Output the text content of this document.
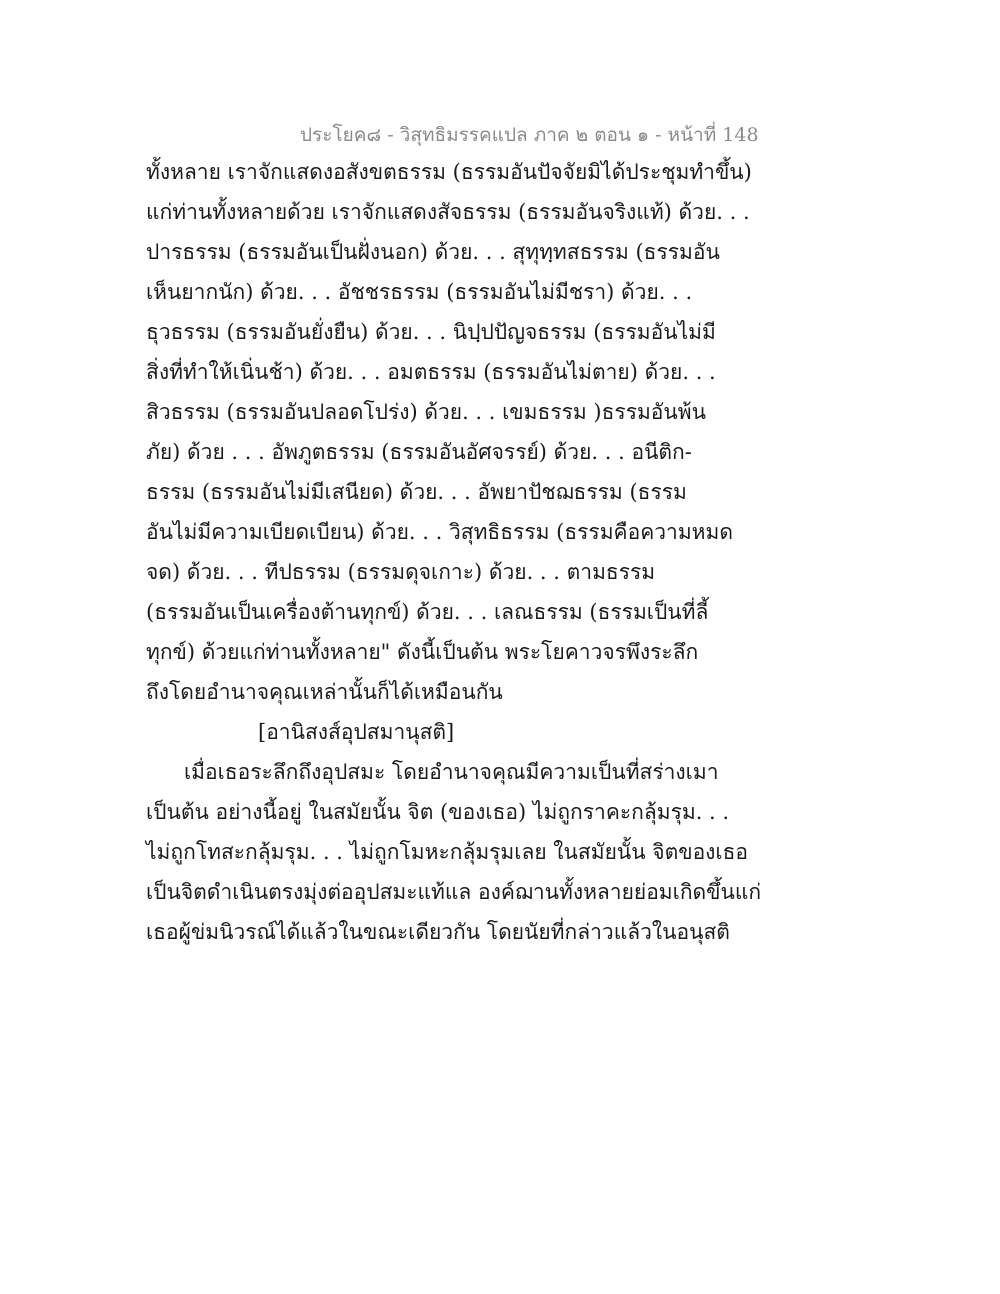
ประโยค๘ - วิสุทธิมรรคแปล ภาค ๒ ตอน ๑ - หน้าที่ 148
ทั้งหลาย เราจักแสดงอสังขตธรรม (ธรรมอันปัจจัยมิได้ประชุมทำขึ้น)
แก่ท่านทั้งหลายด้วย เราจักแสดงสัจธรรม (ธรรมอันจริงแท้) ด้วย. . .
ปารธรรม (ธรรมอันเป็นฝั่งนอก) ด้วย. . . สุทุทฺทสธรรม (ธรรมอัน
เห็นยากนัก) ด้วย. . . อัชชรธรรม (ธรรมอันไม่มีชรา) ด้วย. . .
ธุวธรรม (ธรรมอันยั่งยืน) ด้วย. . . นิปฺปปัญจธรรม (ธรรมอันไม่มี
สิ่งที่ทำให้เนิ่นช้า) ด้วย. . . อมตธรรม (ธรรมอันไม่ตาย) ด้วย. . .
สิวธรรม (ธรรมอันปลอดโปร่ง) ด้วย. . . เขมธรรม )ธรรมอันพ้น
ภัย) ด้วย . . . อัพภูตธรรม (ธรรมอันอัศจรรย์) ด้วย. . . อนีติก-
ธรรม (ธรรมอันไม่มีเสนียด) ด้วย. . . อัพยาปัชฌธรรม (ธรรม
อันไม่มีความเบียดเบียน) ด้วย. . . วิสุทธิธรรม (ธรรมคือความหมด
จด) ด้วย. . . ทีปธรรม (ธรรมดุจเกาะ) ด้วย. . . ตามธรรม
(ธรรมอันเป็นเครื่องต้านทุกข์) ด้วย. . . เลณธรรม (ธรรมเป็นที่ลี้
ทุกข์) ด้วยแก่ท่านทั้งหลาย" ดังนี้เป็นต้น พระโยคาวจรพึงระลึก
ถึงโดยอำนาจคุณเหล่านั้นก็ได้เหมือนกัน
[อานิสงส์อุปสมานุสติ]
เมื่อเธอระลึกถึงอุปสมะ โดยอำนาจคุณมีความเป็นที่สร่างเมา
เป็นต้น อย่างนี้อยู่ ในสมัยนั้น จิต (ของเธอ) ไม่ถูกราคะกลุ้มรุม. . .
ไม่ถูกโทสะกลุ้มรุม. . . ไม่ถูกโมหะกลุ้มรุมเลย ในสมัยนั้น จิตของเธอ
เป็นจิตดำเนินตรงมุ่งต่ออุปสมะแท้แล องค์ฌานทั้งหลายย่อมเกิดขึ้นแก่
เธอผู้ข่มนิวรณ์ได้แล้วในขณะเดียวกัน โดยนัยที่กล่าวแล้วในอนุสติ
